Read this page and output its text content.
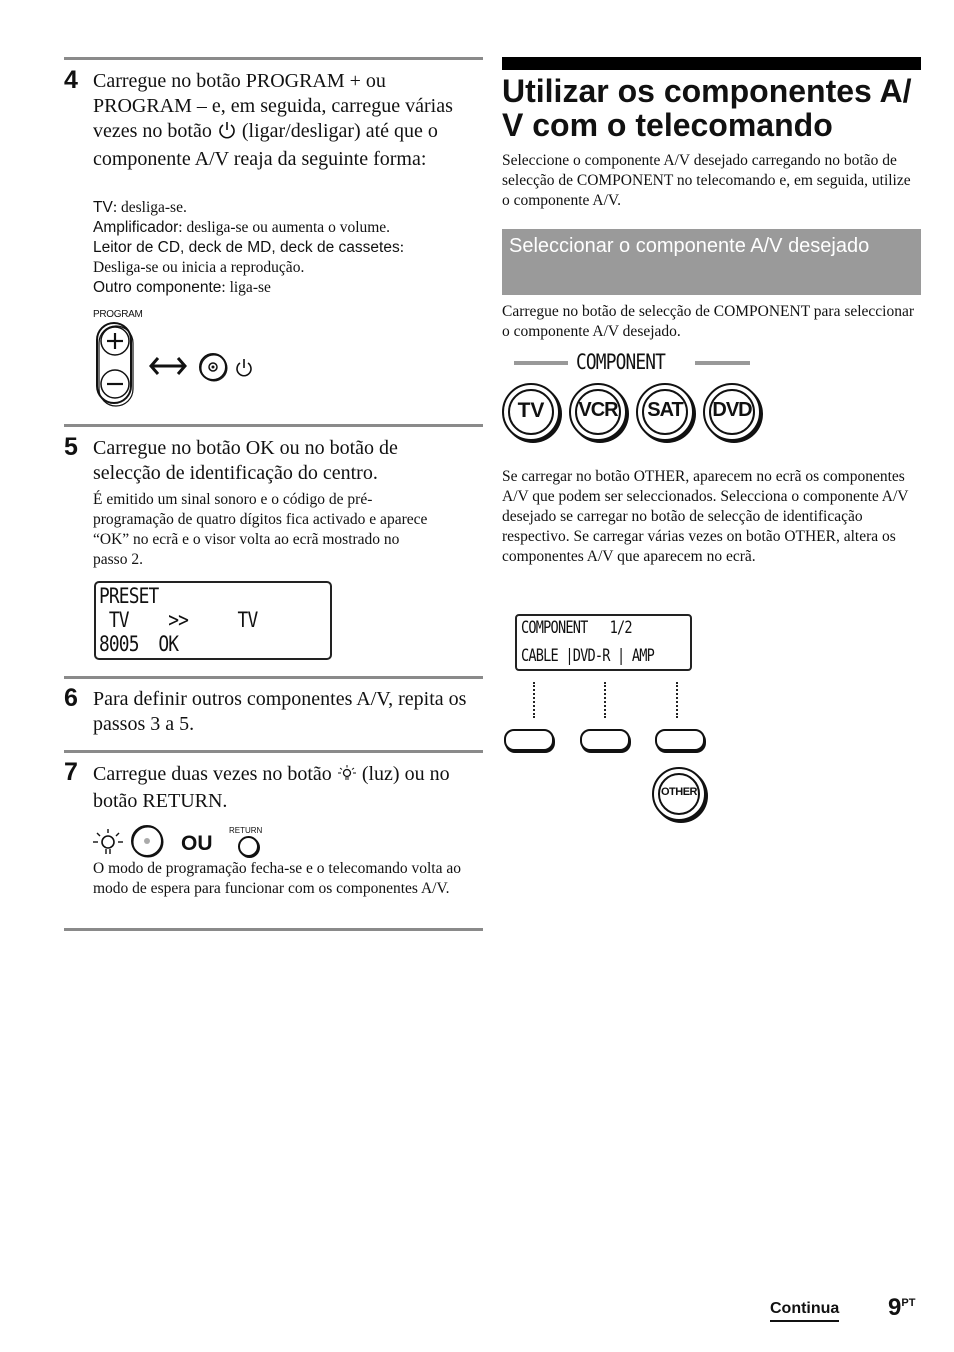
4 Carregue no botão PROGRAM + ou PROGRAM – e, em seguida, carregue várias vezes no botão (ligar/desligar) até que o componente A/V reaja da seguinte forma:
TV: desliga-se.
Amplificador: desliga-se ou aumenta o volume.
Leitor de CD, deck de MD, deck de cassetes:
Desliga-se ou inicia a reprodução.
Outro componente: liga-se
PROGRAM
5 Carregue no botão OK ou no botão de selecção de identificação do centro.
É emitido um sinal sonoro e o código de pré-programação de quatro dígitos fica activado e aparece “OK” no ecrã e o visor volta ao ecrã mostrado no passo 2.
PRESET
TV    >>     TV
8005  OK
6 Para definir outros componentes A/V, repita os passos 3 a 5.
7 Carregue duas vezes no botão (luz) ou no botão RETURN.
OU
RETURN
O modo de programação fecha-se e o telecomando volta ao modo de espera para funcionar com os componentes A/V.
Utilizar os componentes A/
V com o telecomando
Seleccione o componente A/V desejado carregando no botão de selecção de COMPONENT no telecomando e, em seguida, utilize o componente A/V.
Seleccionar o componente A/V desejado
Carregue no botão de selecção de COMPONENT para seleccionar o componente A/V desejado.
COMPONENT
TV	VCR	SAT	DVD
Se carregar no botão OTHER, aparecem no ecrã os componentes A/V que podem ser seleccionados. Selecciona o componente A/V desejado se carregar no botão de selecção de identificação respectivo. Se carregar várias vezes on botão OTHER, altera os componentes A/V que aparecem no ecrã.
COMPONENT   1/2
CABLE |DVD-R | AMP
OTHER
Continua $9^{PT}$
